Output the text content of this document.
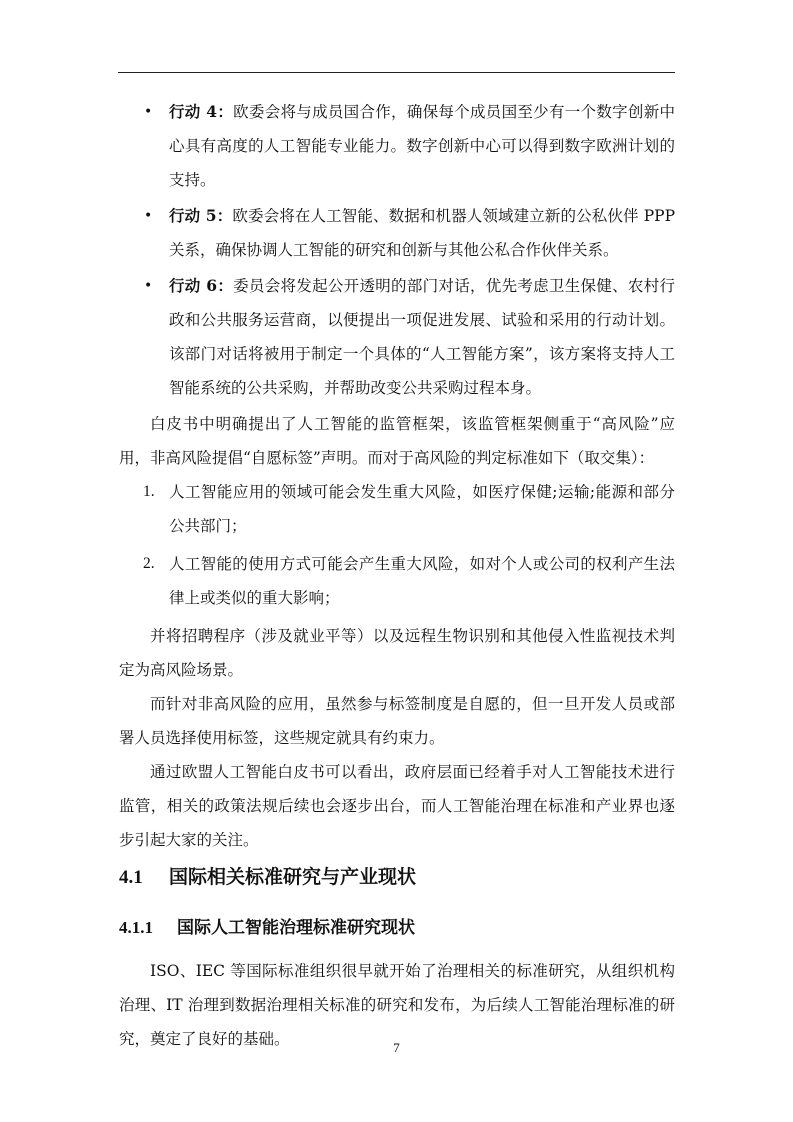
• 行动 4：欧委会将与成员国合作，确保每个成员国至少有一个数字创新中心具有高度的人工智能专业能力。数字创新中心可以得到数字欧洲计划的支持。
• 行动 5：欧委会将在人工智能、数据和机器人领域建立新的公私伙伴 PPP 关系，确保协调人工智能的研究和创新与其他公私合作伙伴关系。
• 行动 6：委员会将发起公开透明的部门对话，优先考虑卫生保健、农村行政和公共服务运营商，以便提出一项促进发展、试验和采用的行动计划。该部门对话将被用于制定一个具体的“人工智能方案”，该方案将支持人工智能系统的公共采购，并帮助改变公共采购过程本身。

白皮书中明确提出了人工智能的监管框架，该监管框架侧重于“高风险”应用，非高风险提倡“自愿标签”声明。而对于高风险的判定标准如下（取交集）：

1. 人工智能应用的领域可能会发生重大风险，如医疗保健;运输;能源和部分公共部门；
2. 人工智能的使用方式可能会产生重大风险，如对个人或公司的权利产生法律上或类似的重大影响；

并将招聘程序（涉及就业平等）以及远程生物识别和其他侵入性监视技术判定为高风险场景。

而针对非高风险的应用，虽然参与标签制度是自愿的，但一旦开发人员或部署人员选择使用标签，这些规定就具有约束力。

通过欧盟人工智能白皮书可以看出，政府层面已经着手对人工智能技术进行监管，相关的政策法规后续也会逐步出台，而人工智能治理在标准和产业界也逐步引起大家的关注。

4.1 国际相关标准研究与产业现状
4.1.1 国际人工智能治理标准研究现状

ISO、IEC 等国际标准组织很早就开始了治理相关的标准研究，从组织机构治理、IT 治理到数据治理相关标准的研究和发布，为后续人工智能治理标准的研究，奠定了良好的基础。	7
